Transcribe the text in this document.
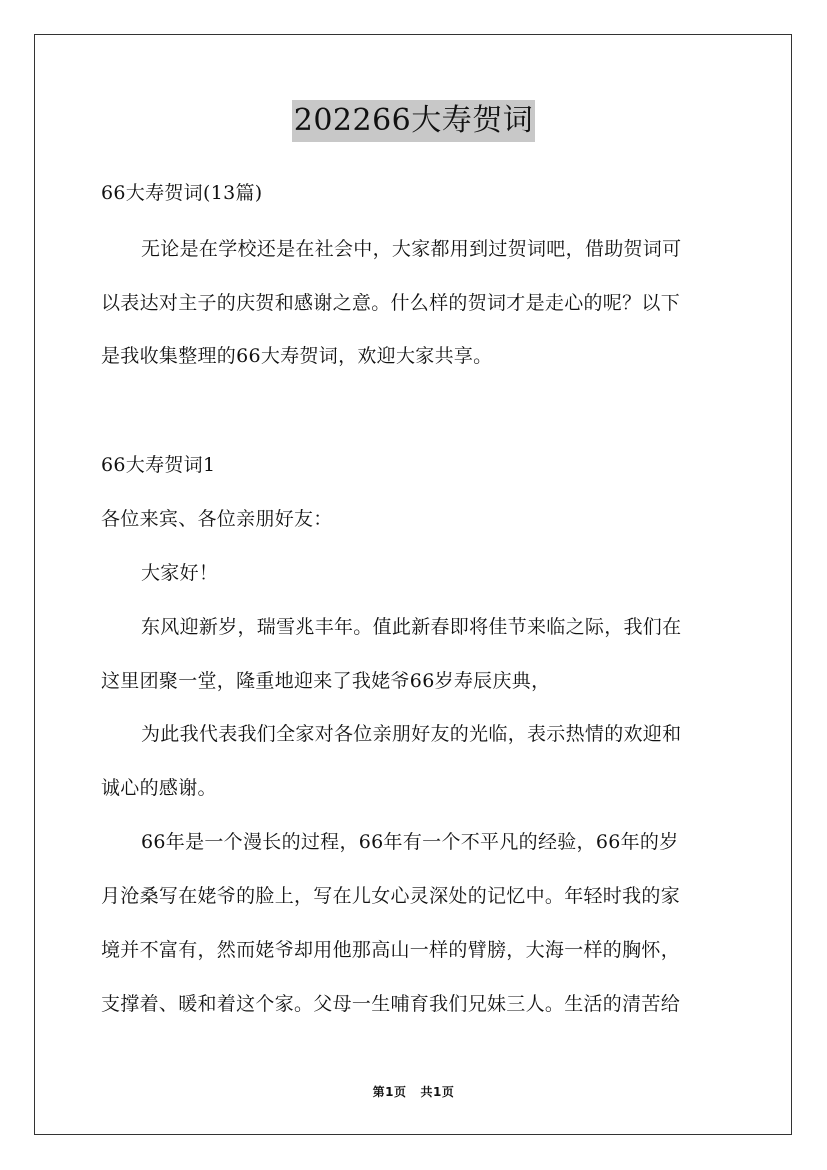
202266大寿贺词
66大寿贺词(13篇)
无论是在学校还是在社会中，大家都用到过贺词吧，借助贺词可
以表达对主子的庆贺和感谢之意。什么样的贺词才是走心的呢？以下
是我收集整理的66大寿贺词，欢迎大家共享。
66大寿贺词1
各位来宾、各位亲朋好友：
大家好！
东风迎新岁，瑞雪兆丰年。值此新春即将佳节来临之际，我们在
这里团聚一堂，隆重地迎来了我姥爷66岁寿辰庆典，
为此我代表我们全家对各位亲朋好友的光临，表示热情的欢迎和
诚心的感谢。
66年是一个漫长的过程，66年有一个不平凡的经验，66年的岁
月沧桑写在姥爷的脸上，写在儿女心灵深处的记忆中。年轻时我的家
境并不富有，然而姥爷却用他那高山一样的臂膀，大海一样的胸怀，
支撑着、暖和着这个家。父母一生哺育我们兄妹三人。生活的清苦给
第1页 共1页
